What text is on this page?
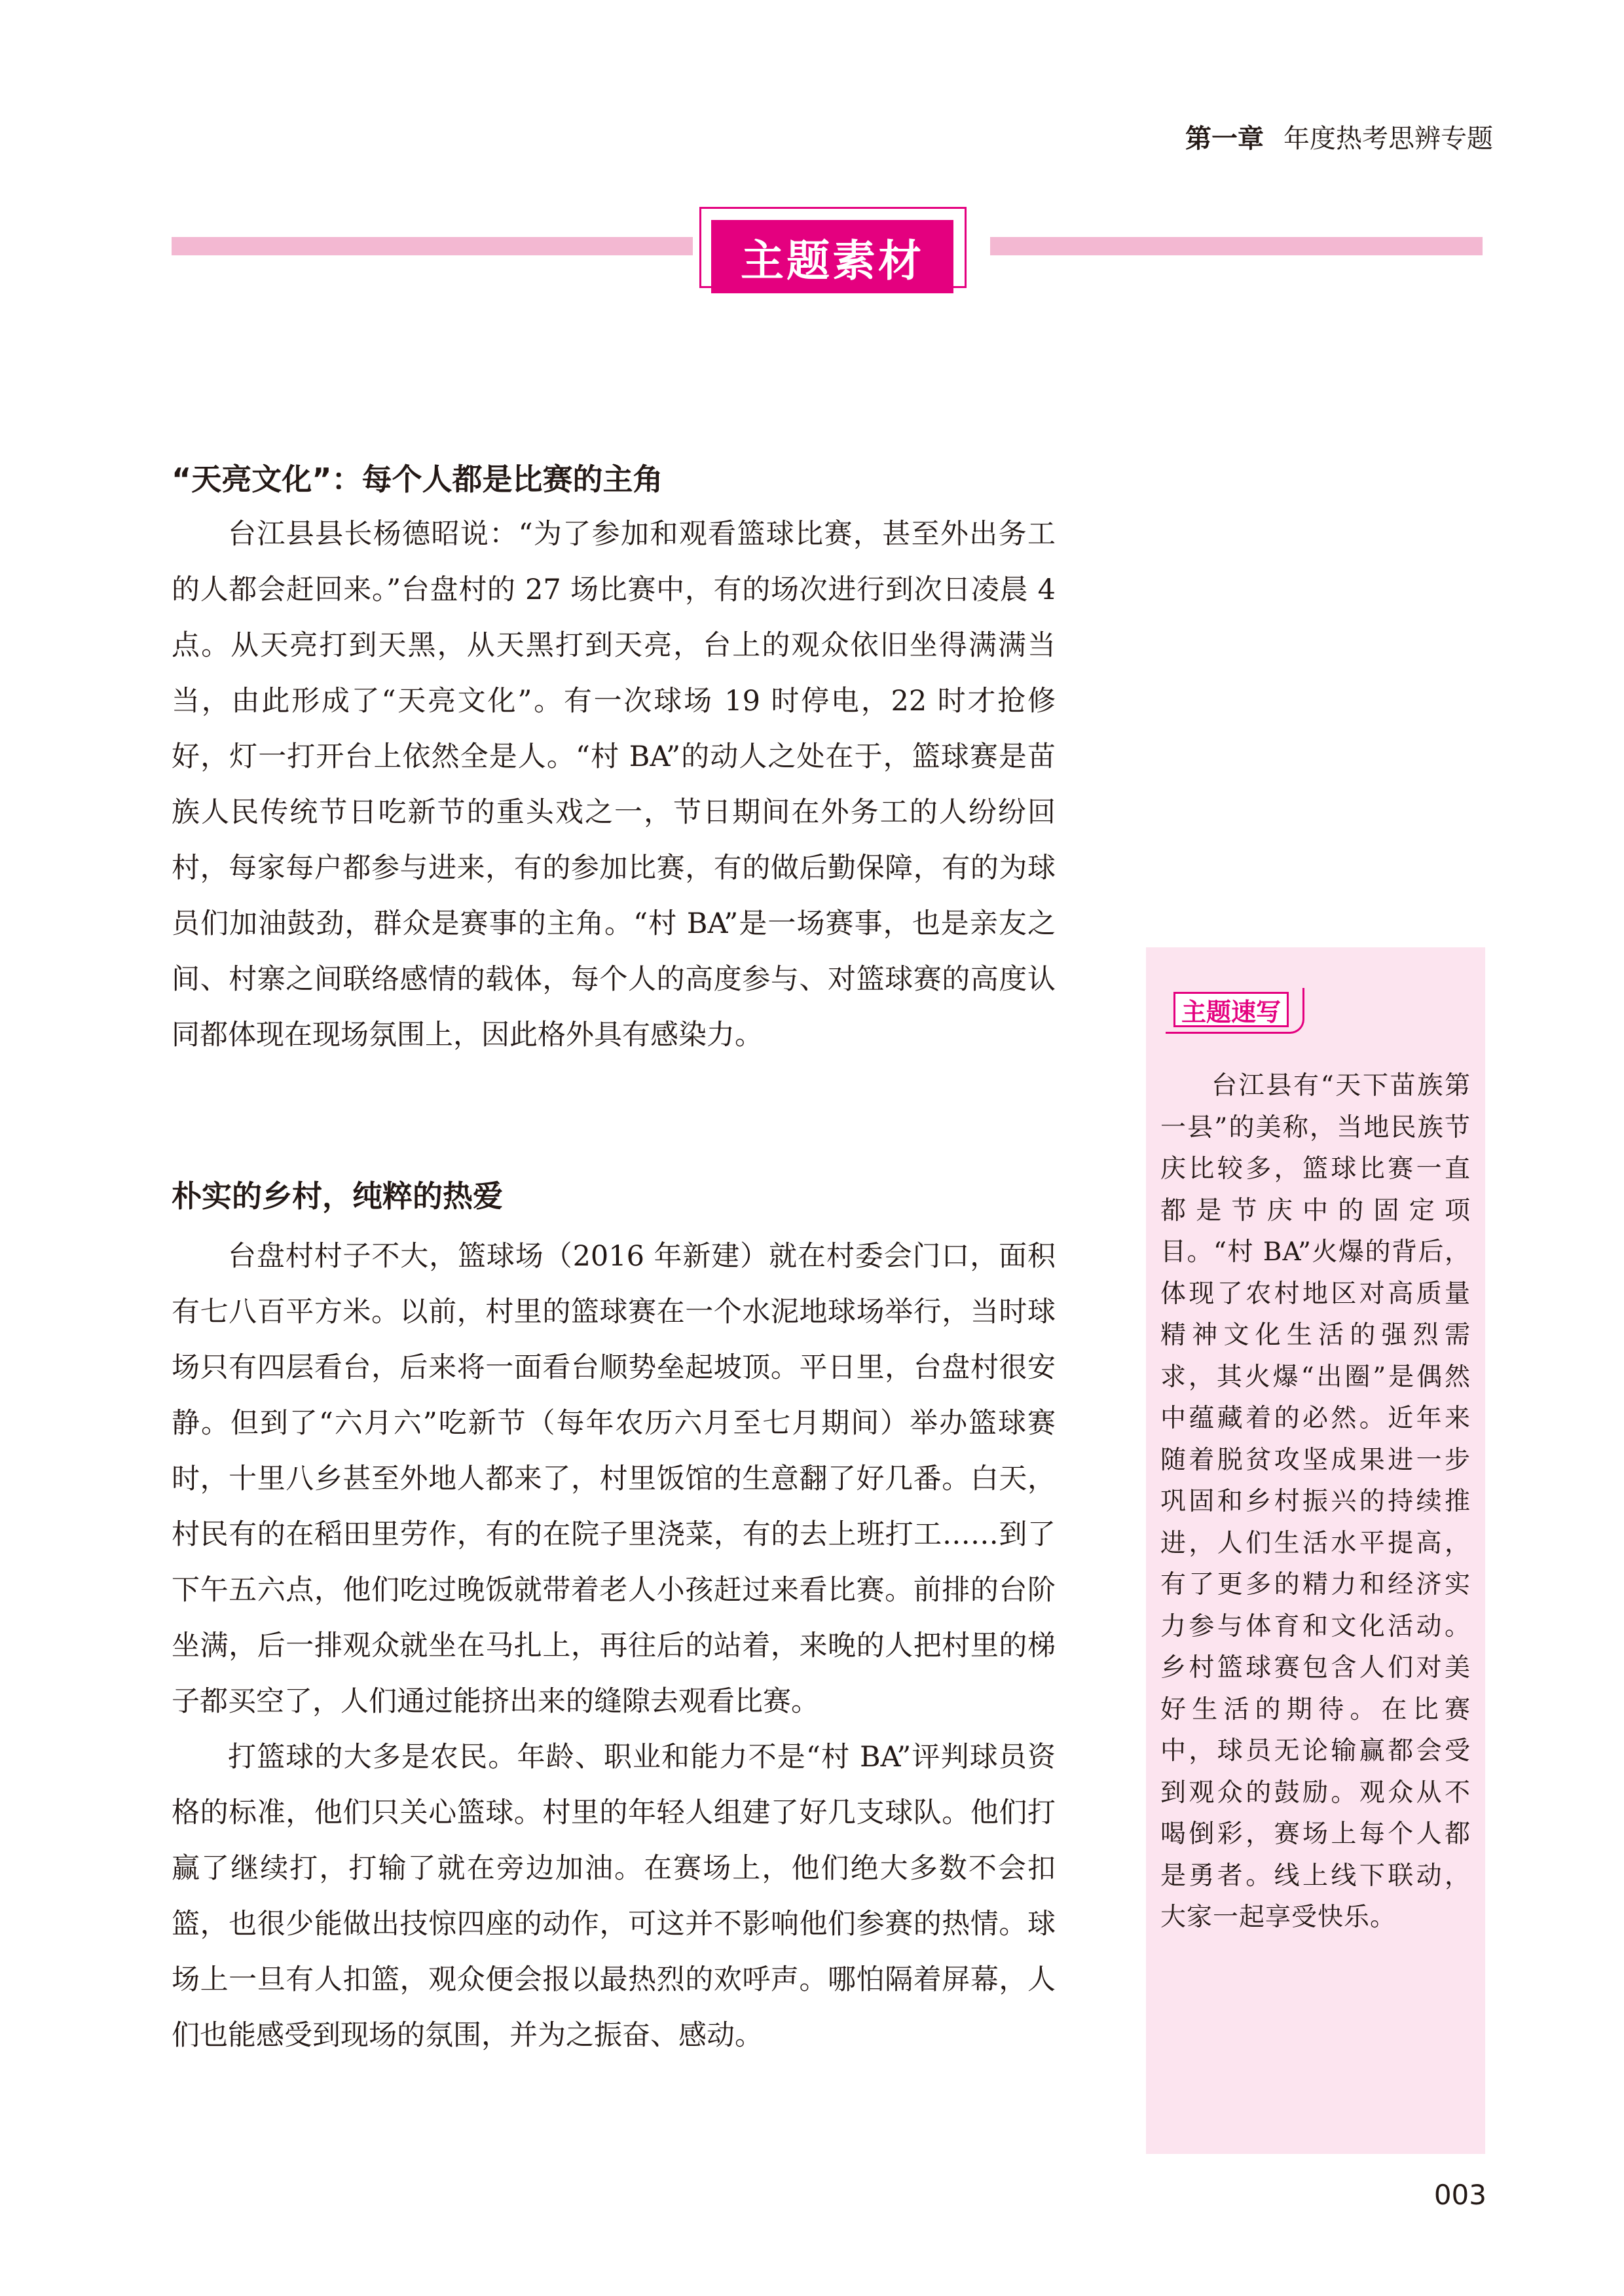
第一章 年度热考思辨专题
主题素材
“天亮文化”：每个人都是比赛的主角

台江县县长杨德昭说：“为了参加和观看篮球比赛，甚至外出务工的人都会赶回来。”台盘村的 27 场比赛中，有的场次进行到次日凌晨 4 点。从天亮打到天黑，从天黑打到天亮，台上的观众依旧坐得满满当当，由此形成了“天亮文化”。有一次球场 19 时停电，22 时才抢修好，灯一打开台上依然全是人。“村 BA”的动人之处在于，篮球赛是苗族人民传统节日吃新节的重头戏之一，节日期间在外务工的人纷纷回村，每家每户都参与进来，有的参加比赛，有的做后勤保障，有的为球员们加油鼓劲，群众是赛事的主角。“村 BA”是一场赛事，也是亲友之间、村寨之间联络感情的载体，每个人的高度参与、对篮球赛的高度认同都体现在现场氛围上，因此格外具有感染力。

朴实的乡村，纯粹的热爱

台盘村村子不大，篮球场（2016 年新建）就在村委会门口，面积有七八百平方米。以前，村里的篮球赛在一个水泥地球场举行，当时球场只有四层看台，后来将一面看台顺势垒起坡顶。平日里，台盘村很安静。但到了“六月六”吃新节（每年农历六月至七月期间）举办篮球赛时，十里八乡甚至外地人都来了，村里饭馆的生意翻了好几番。白天，村民有的在稻田里劳作，有的在院子里浇菜，有的去上班打工……到了下午五六点，他们吃过晚饭就带着老人小孩赶过来看比赛。前排的台阶坐满，后一排观众就坐在马扎上，再往后的站着，来晚的人把村里的梯子都买空了，人们通过能挤出来的缝隙去观看比赛。

打篮球的大多是农民。年龄、职业和能力不是“村 BA”评判球员资格的标准，他们只关心篮球。村里的年轻人组建了好几支球队。他们打赢了继续打，打输了就在旁边加油。在赛场上，他们绝大多数不会扣篮，也很少能做出技惊四座的动作，可这并不影响他们参赛的热情。球场上一旦有人扣篮，观众便会报以最热烈的欢呼声。哪怕隔着屏幕，人们也能感受到现场的氛围，并为之振奋、感动。

主题速写

台江县有“天下苗族第一县”的美称，当地民族节庆比较多，篮球比赛一直都是节庆中的固定项目。“村 BA”火爆的背后，体现了农村地区对高质量精神文化生活的强烈需求，其火爆“出圈”是偶然中蕴藏着的必然。近年来随着脱贫攻坚成果进一步巩固和乡村振兴的持续推进，人们生活水平提高，有了更多的精力和经济实力参与体育和文化活动。乡村篮球赛包含人们对美好生活的期待。在比赛中，球员无论输赢都会受到观众的鼓励。观众从不喝倒彩，赛场上每个人都是勇者。线上线下联动，大家一起享受快乐。

003
